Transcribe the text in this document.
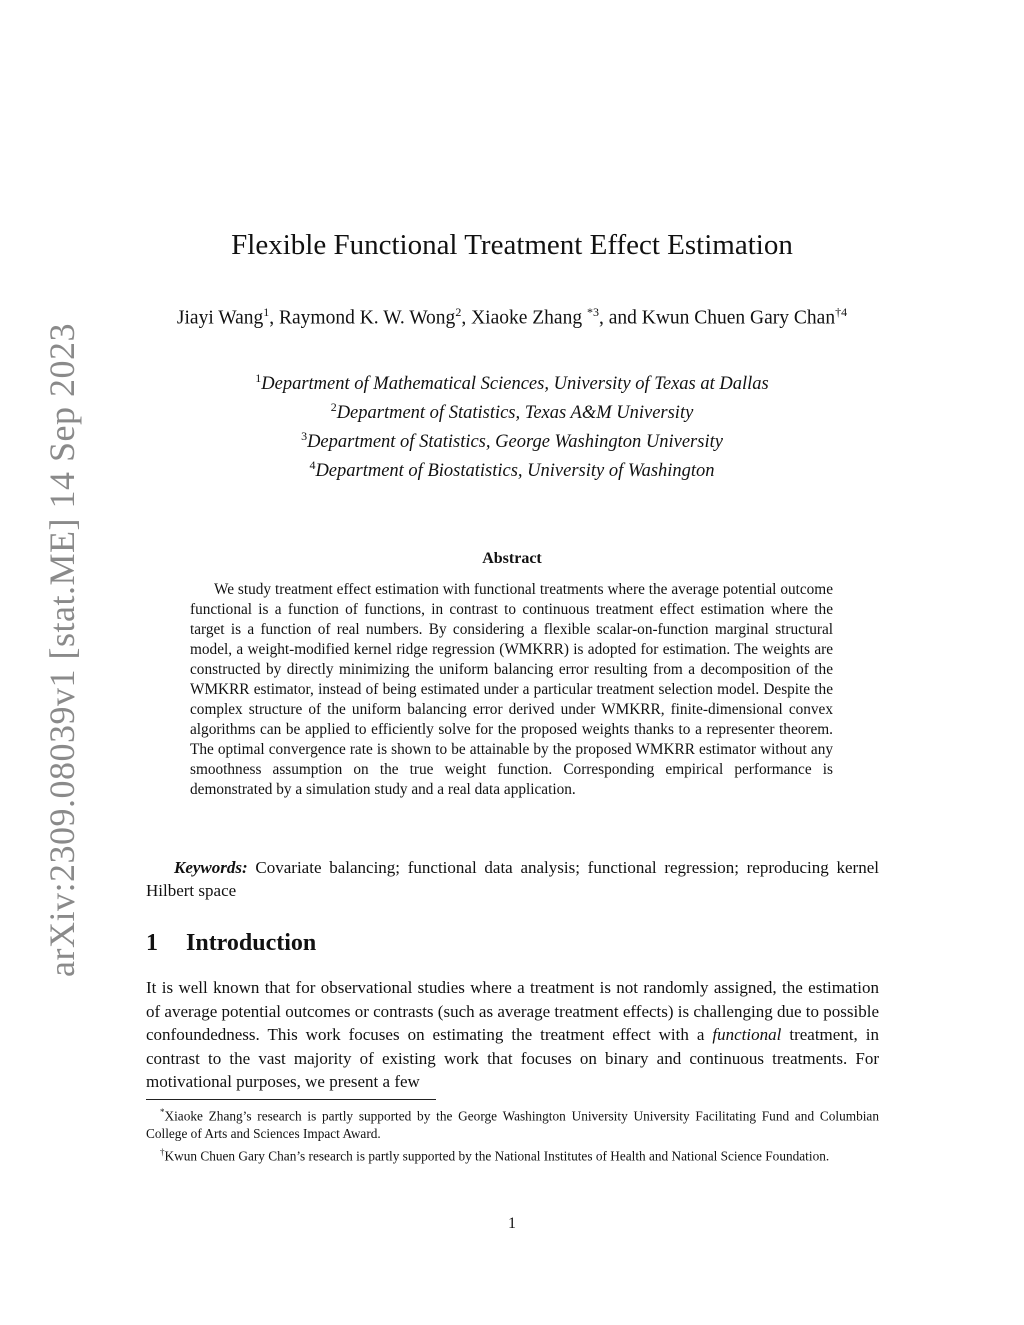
arXiv:2309.08039v1 [stat.ME] 14 Sep 2023
Flexible Functional Treatment Effect Estimation
Jiayi Wang$^1$, Raymond K. W. Wong$^2$, Xiaoke Zhang $^{*3}$, and Kwun Chuen Gary Chan$^{\dagger 4}$
$^1$Department of Mathematical Sciences, University of Texas at Dallas
$^2$Department of Statistics, Texas A&M University
$^3$Department of Statistics, George Washington University
$^4$Department of Biostatistics, University of Washington
Abstract
We study treatment effect estimation with functional treatments where the average potential outcome functional is a function of functions, in contrast to continuous treatment effect estimation where the target is a function of real numbers. By considering a flexible scalar-on-function marginal structural model, a weight-modified kernel ridge regression (WMKRR) is adopted for estimation. The weights are constructed by directly minimizing the uniform balancing error resulting from a decomposition of the WMKRR estimator, instead of being estimated under a particular treatment selection model. Despite the complex structure of the uniform balancing error derived under WMKRR, finite-dimensional convex algorithms can be applied to efficiently solve for the proposed weights thanks to a representer theorem. The optimal convergence rate is shown to be attainable by the proposed WMKRR estimator without any smoothness assumption on the true weight function. Corresponding empirical performance is demonstrated by a simulation study and a real data application.
Keywords: Covariate balancing; functional data analysis; functional regression; reproducing kernel Hilbert space
1 Introduction
It is well known that for observational studies where a treatment is not randomly assigned, the estimation of average potential outcomes or contrasts (such as average treatment effects) is challenging due to possible confoundedness. This work focuses on estimating the treatment effect with a functional treatment, in contrast to the vast majority of existing work that focuses on binary and continuous treatments. For motivational purposes, we present a few

*Xiaoke Zhang’s research is partly supported by the George Washington University University Facilitating Fund and Columbian College of Arts and Sciences Impact Award.

†Kwun Chuen Gary Chan’s research is partly supported by the National Institutes of Health and National Science Foundation.

1
